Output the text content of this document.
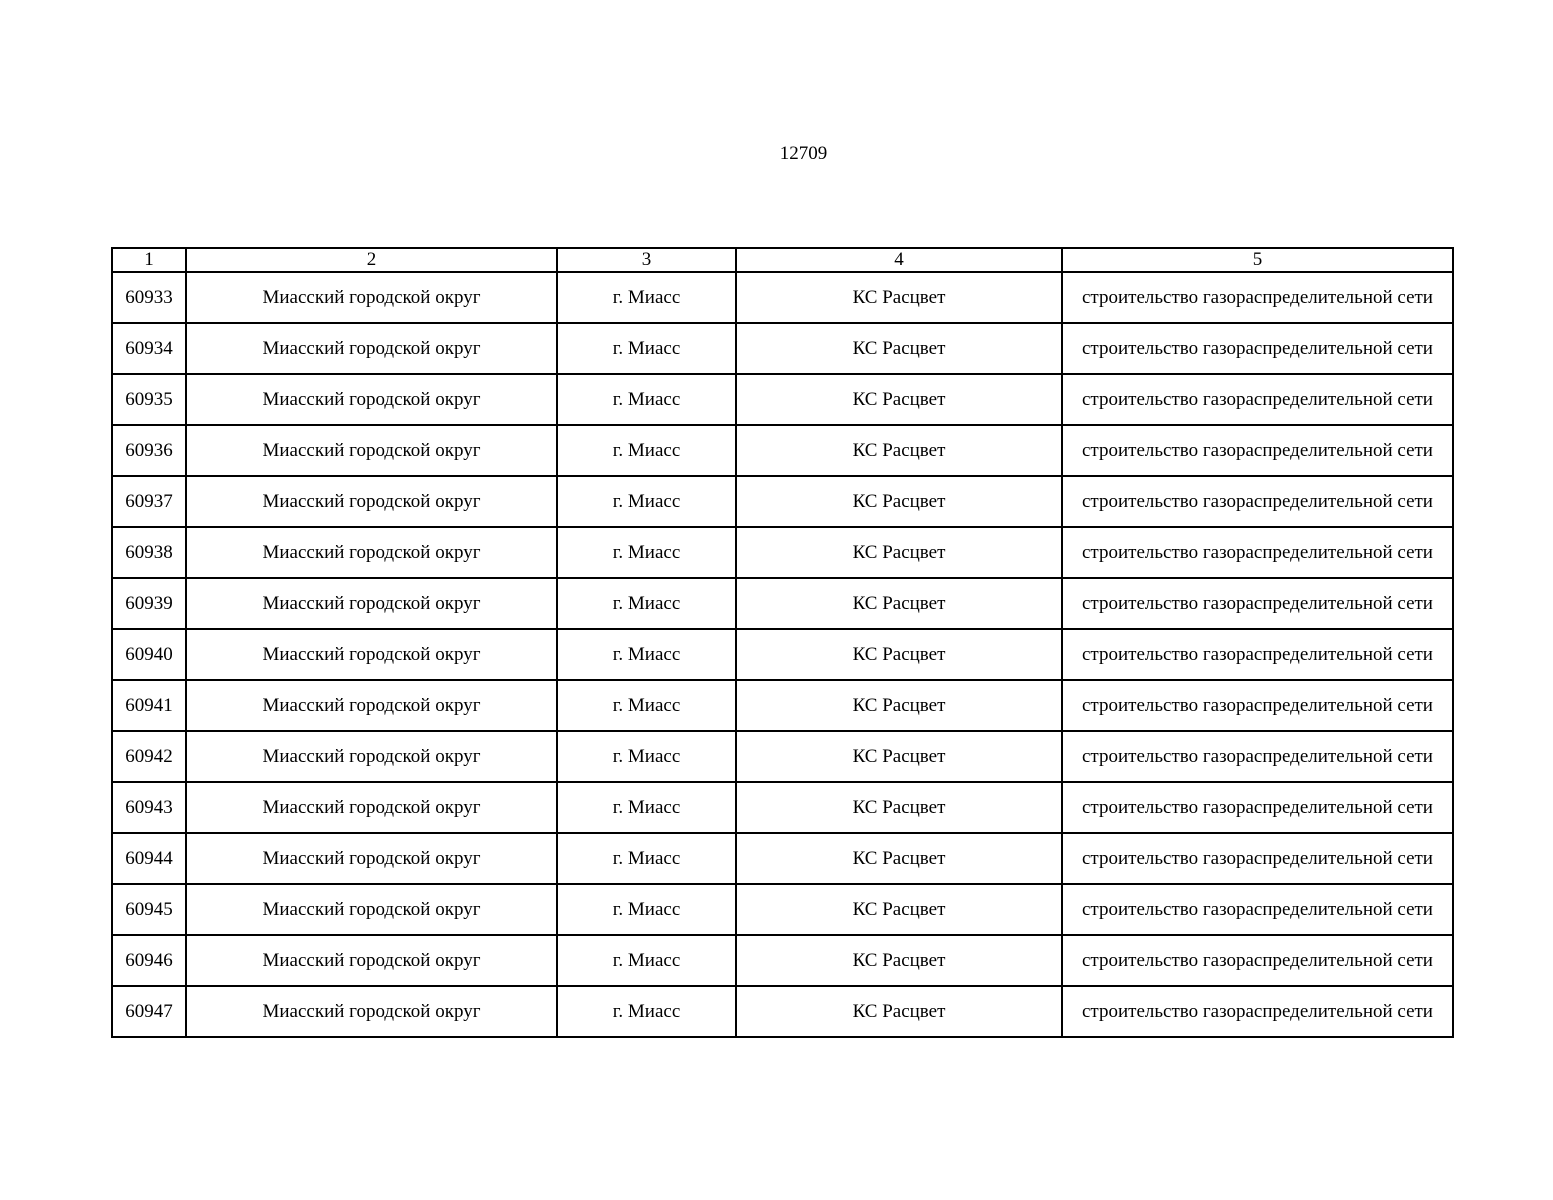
12709
1	2	3	4	5
60933	Миасский городской округ	г. Миасс	КС Расцвет	строительство газораспределительной сети
60934	Миасский городской округ	г. Миасс	КС Расцвет	строительство газораспределительной сети
60935	Миасский городской округ	г. Миасс	КС Расцвет	строительство газораспределительной сети
60936	Миасский городской округ	г. Миасс	КС Расцвет	строительство газораспределительной сети
60937	Миасский городской округ	г. Миасс	КС Расцвет	строительство газораспределительной сети
60938	Миасский городской округ	г. Миасс	КС Расцвет	строительство газораспределительной сети
60939	Миасский городской округ	г. Миасс	КС Расцвет	строительство газораспределительной сети
60940	Миасский городской округ	г. Миасс	КС Расцвет	строительство газораспределительной сети
60941	Миасский городской округ	г. Миасс	КС Расцвет	строительство газораспределительной сети
60942	Миасский городской округ	г. Миасс	КС Расцвет	строительство газораспределительной сети
60943	Миасский городской округ	г. Миасс	КС Расцвет	строительство газораспределительной сети
60944	Миасский городской округ	г. Миасс	КС Расцвет	строительство газораспределительной сети
60945	Миасский городской округ	г. Миасс	КС Расцвет	строительство газораспределительной сети
60946	Миасский городской округ	г. Миасс	КС Расцвет	строительство газораспределительной сети
60947	Миасский городской округ	г. Миасс	КС Расцвет	строительство газораспределительной сети
